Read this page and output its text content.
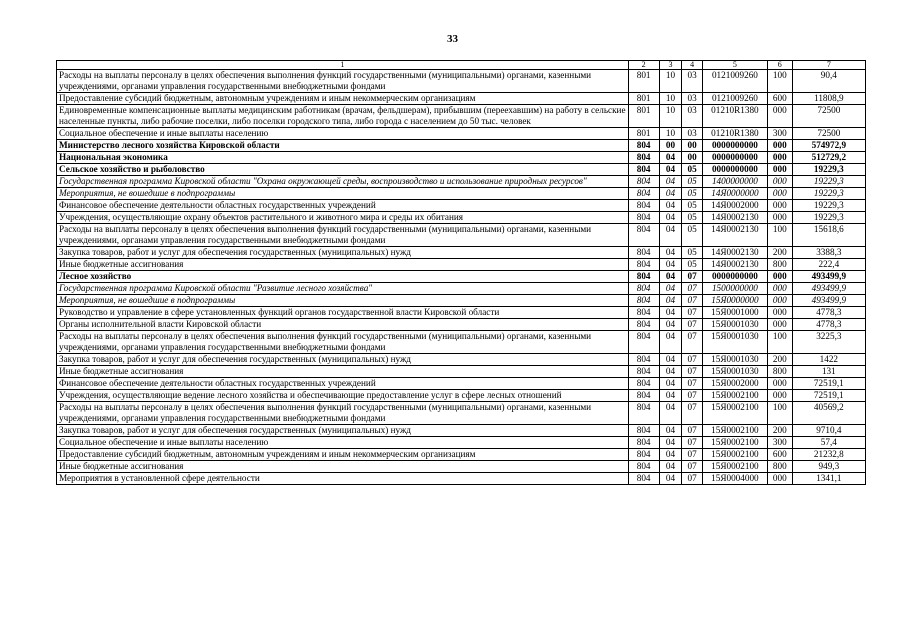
33
1	2	3	4	5	6	7
Расходы на выплаты персоналу в целях обеспечения выполнения функций государственными (муниципальными) органами, казенными учреждениями, органами управления государственными внебюджетными фондами	801	10	03	0121009260	100	90,4
Предоставление субсидий бюджетным, автономным учреждениям и иным некоммерческим организациям	801	10	03	0121009260	600	11808,9
Единовременные компенсационные выплаты медицинским работникам (врачам, фельдшерам), прибывшим (переехавшим) на работу в сельские населенные пункты, либо рабочие поселки, либо поселки городского типа, либо города с населением до 50 тыс. человек	801	10	03	01210R1380	000	72500
Социальное обеспечение и иные выплаты населению	801	10	03	01210R1380	300	72500
Министерство лесного хозяйства Кировской области	804	00	00	0000000000	000	574972,9
Национальная экономика	804	04	00	0000000000	000	512729,2
Сельское хозяйство и рыболовство	804	04	05	0000000000	000	19229,3
Государственная программа Кировской области "Охрана окружающей среды, воспроизводство и использование природных ресурсов"	804	04	05	1400000000	000	19229,3
Мероприятия, не вошедшие в подпрограммы	804	04	05	14Я0000000	000	19229,3
Финансовое обеспечение деятельности областных государственных учреждений	804	04	05	14Я0002000	000	19229,3
Учреждения, осуществляющие охрану объектов растительного и животного мира и среды их обитания	804	04	05	14Я0002130	000	19229,3
Расходы на выплаты персоналу в целях обеспечения выполнения функций государственными (муниципальными) органами, казенными учреждениями, органами управления государственными внебюджетными фондами	804	04	05	14Я0002130	100	15618,6
Закупка товаров, работ и услуг для обеспечения государственных (муниципальных) нужд	804	04	05	14Я0002130	200	3388,3
Иные бюджетные ассигнования	804	04	05	14Я0002130	800	222,4
Лесное хозяйство	804	04	07	0000000000	000	493499,9
Государственная программа Кировской области "Развитие лесного хозяйства"	804	04	07	1500000000	000	493499,9
Мероприятия, не вошедшие в подпрограммы	804	04	07	15Я0000000	000	493499,9
Руководство и управление в сфере установленных функций органов государственной власти Кировской области	804	04	07	15Я0001000	000	4778,3
Органы исполнительной власти Кировской области	804	04	07	15Я0001030	000	4778,3
Расходы на выплаты персоналу в целях обеспечения выполнения функций государственными (муниципальными) органами, казенными учреждениями, органами управления государственными внебюджетными фондами	804	04	07	15Я0001030	100	3225,3
Закупка товаров, работ и услуг для обеспечения государственных (муниципальных) нужд	804	04	07	15Я0001030	200	1422
Иные бюджетные ассигнования	804	04	07	15Я0001030	800	131
Финансовое обеспечение деятельности областных государственных учреждений	804	04	07	15Я0002000	000	72519,1
Учреждения, осуществляющие ведение лесного хозяйства и обеспечивающие предоставление услуг в сфере лесных отношений	804	04	07	15Я0002100	000	72519,1
Расходы на выплаты персоналу в целях обеспечения выполнения функций государственными (муниципальными) органами, казенными учреждениями, органами управления государственными внебюджетными фондами	804	04	07	15Я0002100	100	40569,2
Закупка товаров, работ и услуг для обеспечения государственных (муниципальных) нужд	804	04	07	15Я0002100	200	9710,4
Социальное обеспечение и иные выплаты населению	804	04	07	15Я0002100	300	57,4
Предоставление субсидий бюджетным, автономным учреждениям и иным некоммерческим организациям	804	04	07	15Я0002100	600	21232,8
Иные бюджетные ассигнования	804	04	07	15Я0002100	800	949,3
Мероприятия в установленной сфере деятельности	804	04	07	15Я0004000	000	1341,1
